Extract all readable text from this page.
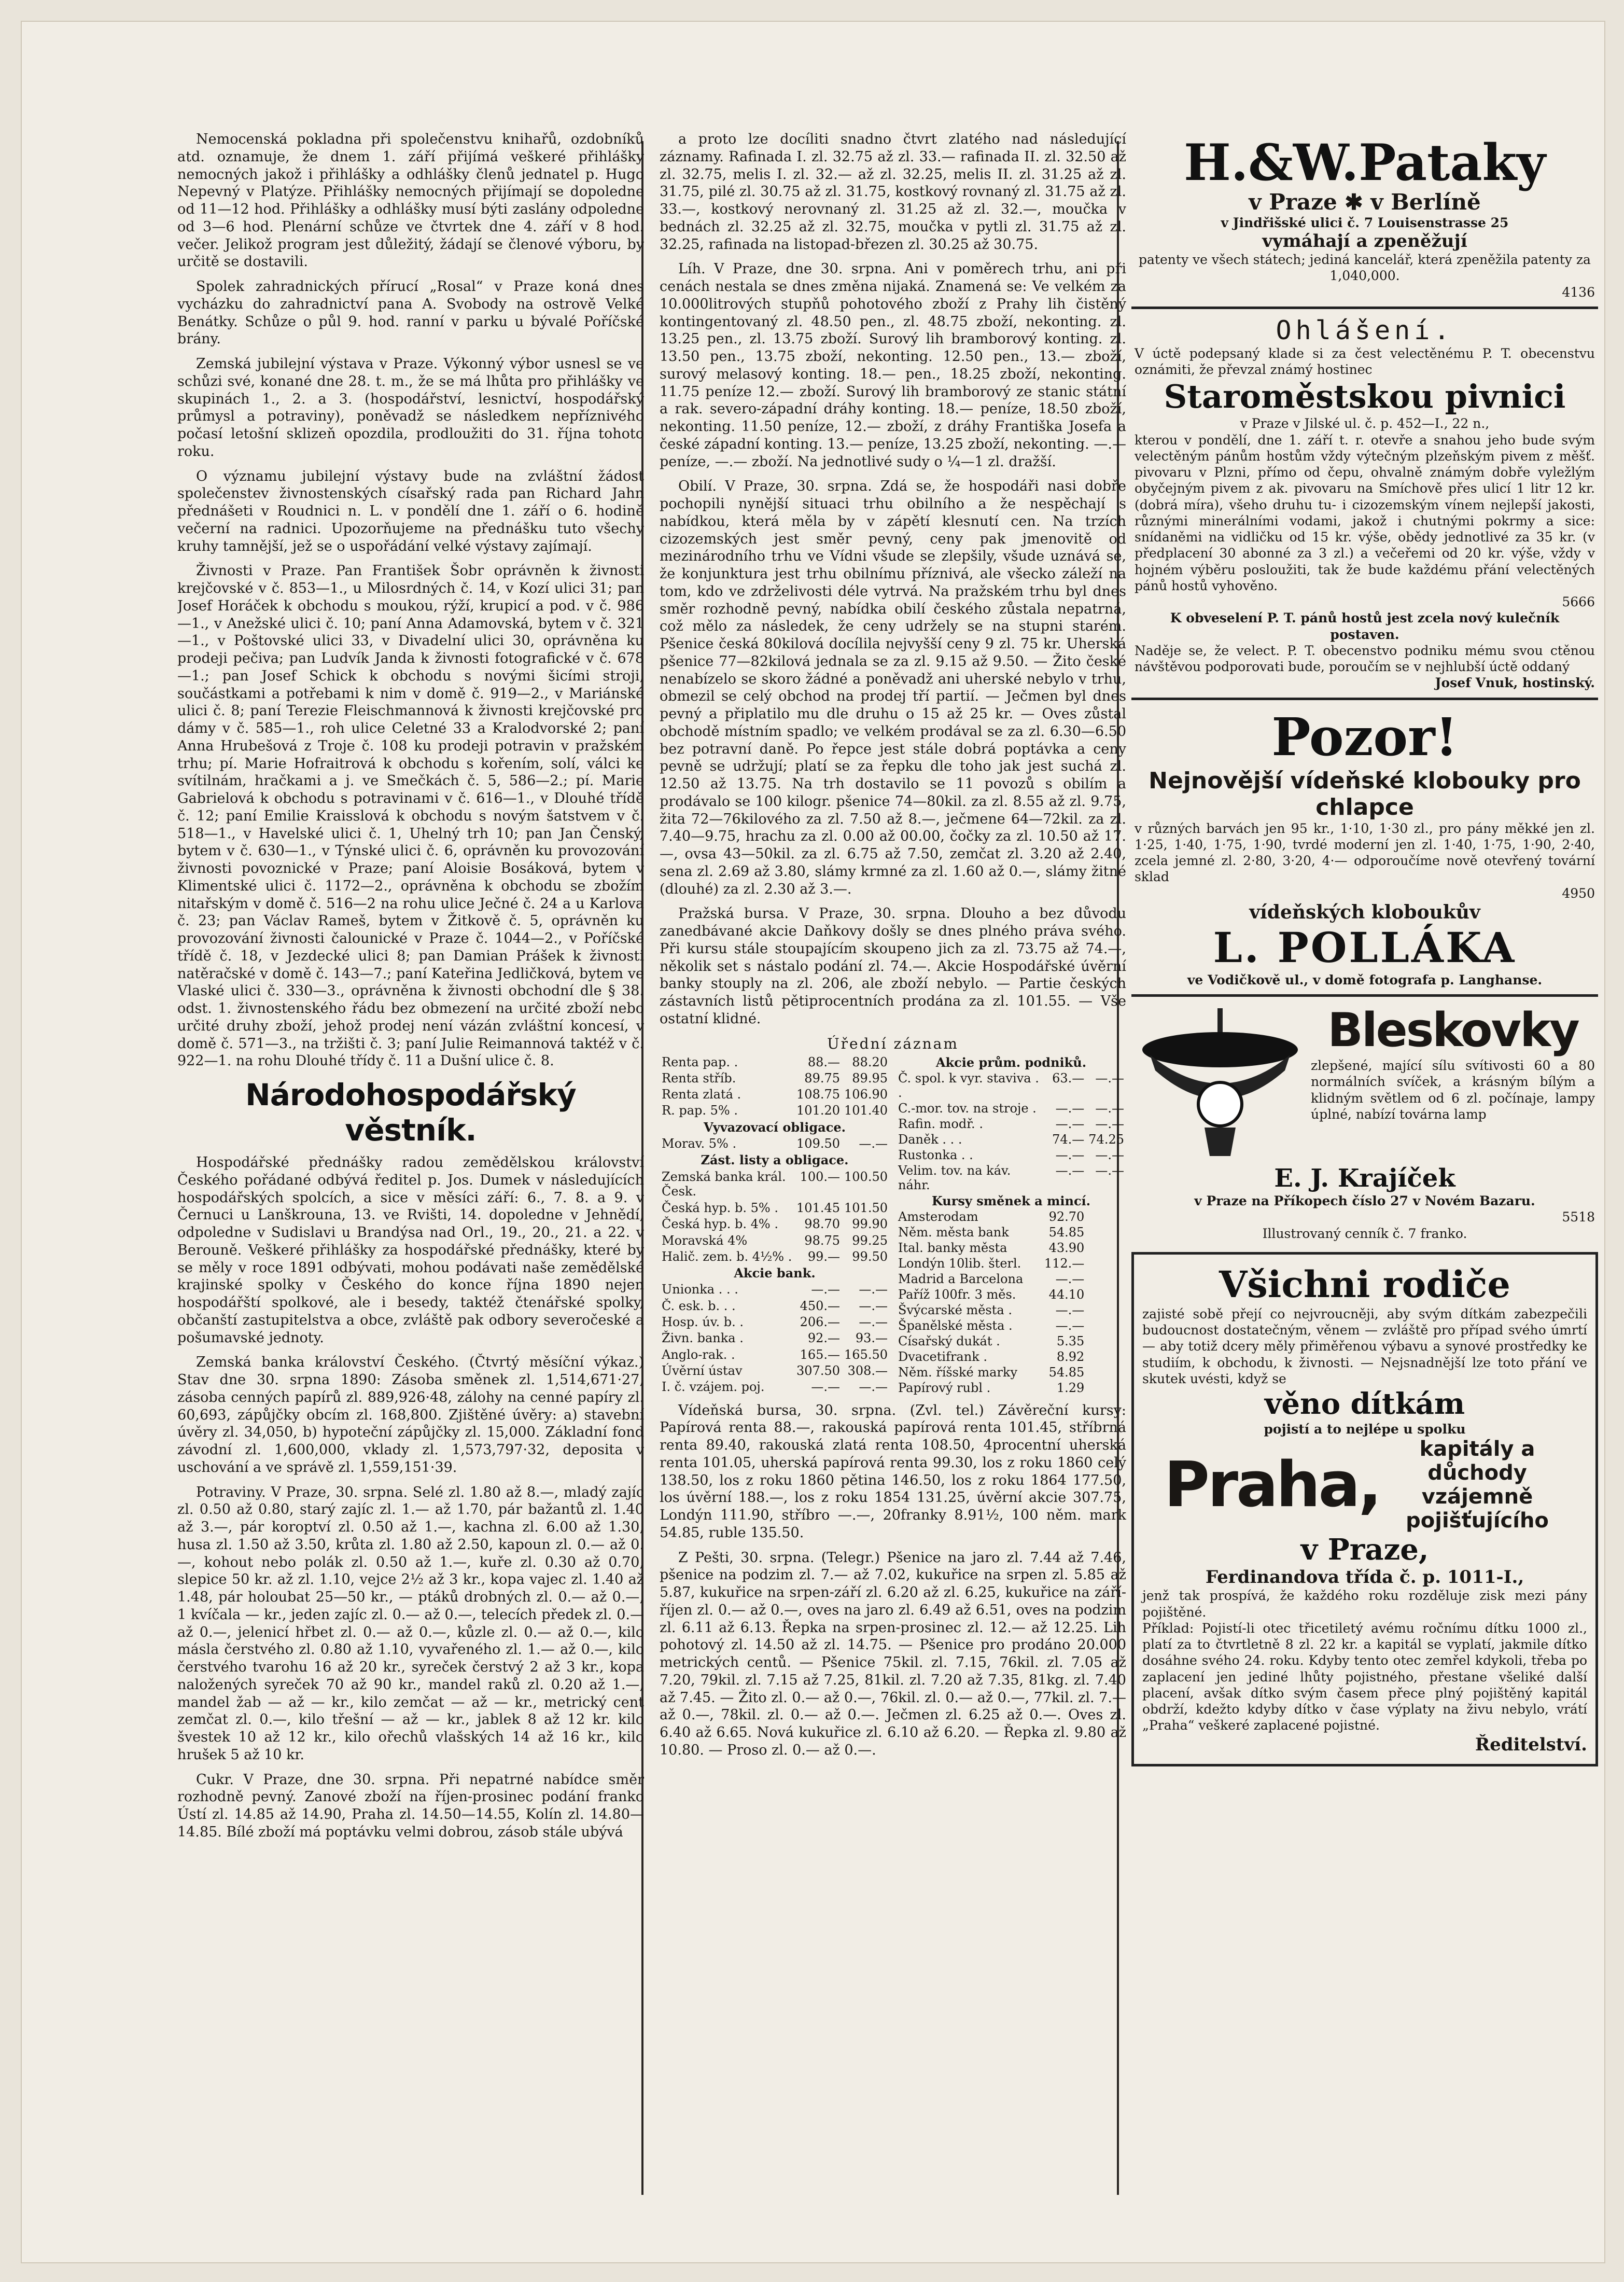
Nemocenská pokladna při společenstvu knihařů, ozdobníků atd. oznamuje, že dnem 1. září přijímá veškeré přihlášky nemocných jakož i přihlášky a odhlášky členů jednatel p. Hugo Nepevný v Platýze. Přihlášky nemocných přijímají se dopoledne od 11—12 hod. Přihlášky a odhlášky musí býti zaslány odpoledne od 3—6 hod. Plenární schůze ve čtvrtek dne 4. září v 8 hod. večer. Jelikož program jest důležitý, žádají se členové výboru, by určitě se dostavili.

Spolek zahradnických přírucí „Rosal“ v Praze koná dnes vycházku do zahradnictví pana A. Svobody na ostrově Velké Benátky. Schůze o půl 9. hod. ranní v parku u bývalé Poříčské brány.

Zemská jubilejní výstava v Praze. Výkonný výbor usnesl se ve schůzi své, konané dne 28. t. m., že se má lhůta pro přihlášky ve skupinách 1., 2. a 3. (hospodářství, lesnictví, hospodářský průmysl a potraviny), poněvadž se následkem nepříznivého počasí letošní sklizeň opozdila, prodloužiti do 31. října tohoto roku.

O významu jubilejní výstavy bude na zvláštní žádost společenstev živnostenských císařský rada pan Richard Jahn přednášeti v Roudnici n. L. v pondělí dne 1. září o 6. hodině večerní na radnici. Upozorňujeme na přednášku tuto všechy kruhy tamnější, jež se o uspořádání velké výstavy zajímají.

Živnosti v Praze. Pan František Šobr oprávněn k živnosti krejčovské v č. 853—1., u Milosrdných č. 14, v Kozí ulici 31; pan Josef Horáček k obchodu s moukou, rýží, krupicí a pod. v č. 986—1., v Anežské ulici č. 10; paní Anna Adamovská, bytem v č. 321—1., v Poštovské ulici 33, v Divadelní ulici 30, oprávněna ku prodeji pečiva; pan Ludvík Janda k živnosti fotografické v č. 678—1.; pan Josef Schick k obchodu s novými šicími stroji, součástkami a potřebami k nim v domě č. 919—2., v Mariánské ulici č. 8; paní Terezie Fleischmannová k živnosti krejčovské pro dámy v č. 585—1., roh ulice Celetné 33 a Kralodvorské 2; paní Anna Hrubešová z Troje č. 108 ku prodeji potravin v pražském trhu; pí. Marie Hofraitrová k obchodu s kořením, solí, válci ke svítilnám, hračkami a j. ve Smečkách č. 5, 586—2.; pí. Marie Gabrielová k obchodu s potravinami v č. 616—1., v Dlouhé třídě č. 12; paní Emilie Kraisslová k obchodu s novým šatstvem v č. 518—1., v Havelské ulici č. 1, Uhelný trh 10; pan Jan Čenský, bytem v č. 630—1., v Týnské ulici č. 6, oprávněn ku provozování živnosti povoznické v Praze; paní Aloisie Bosáková, bytem v Klimentské ulici č. 1172—2., oprávněna k obchodu se zbožím nitařským v domě č. 516—2 na rohu ulice Ječné č. 24 a u Karlova č. 23; pan Václav Rameš, bytem v Žitkově č. 5, oprávněn ku provozování živnosti čalounické v Praze č. 1044—2., v Poříčské třídě č. 18, v Jezdecké ulici 8; pan Damian Prášek k živnosti natěračské v domě č. 143—7.; paní Kateřina Jedličková, bytem ve Vlaské ulici č. 330—3., oprávněna k živnosti obchodní dle § 38. odst. 1. živnostenského řádu bez obmezení na určité zboží nebo určité druhy zboží, jehož prodej není vázán zvláštní koncesí, v domě č. 571—3., na tržišti č. 3; paní Julie Reimannová taktéž v č. 922—1. na rohu Dlouhé třídy č. 11 a Dušní ulice č. 8.

Národohospodářský věstník.

Hospodářské přednášky radou zemědělskou království Českého pořádané odbývá ředitel p. Jos. Dumek v následujících hospodářských spolcích, a sice v měsíci září: 6., 7. 8. a 9. v Černuci u Lanškrouna, 13. ve Rvišti, 14. dopoledne v Jehnědí, odpoledne v Sudislavi u Brandýsa nad Orl., 19., 20., 21. a 22. v Berouně. Veškeré přihlášky za hospodářské přednášky, které by se měly v roce 1891 odbývati, mohou podávati naše zemědělské krajinské spolky v Českého do konce října 1890 nejen hospodářští spolkové, ale i besedy, taktéž čtenářské spolky, občanští zastupitelstva a obce, zvláště pak odbory severočeské a pošumavské jednoty.

Zemská banka království Českého. (Čtvrtý měsíční výkaz.) Stav dne 30. srpna 1890: Zásoba směnek zl. 1,514,671·27, zásoba cenných papírů zl. 889,926·48, zálohy na cenné papíry zl. 60,693, zápůjčky obcím zl. 168,800. Zjištěné úvěry: a) stavební úvěry zl. 34,050, b) hypoteční zápůjčky zl. 15,000. Základní fond závodní zl. 1,600,000, vklady zl. 1,573,797·32, deposita v uschování a ve správě zl. 1,559,151·39.

Potraviny. V Praze, 30. srpna. Selé zl. 1.80 až 8.—, mladý zajíc zl. 0.50 až 0.80, starý zajíc zl. 1.— až 1.70, pár bažantů zl. 1.40 až 3.—, pár koroptví zl. 0.50 až 1.—, kachna zl. 6.00 až 1.30, husa zl. 1.50 až 3.50, krůta zl. 1.80 až 2.50, kapoun zl. 0.— až 0.—, kohout nebo polák zl. 0.50 až 1.—, kuře zl. 0.30 až 0.70, slepice 50 kr. až zl. 1.10, vejce 2½ až 3 kr., kopa vajec zl. 1.40 až 1.48, pár holoubat 25—50 kr., — ptáků drobných zl. 0.— až 0.—, 1 kvíčala — kr., jeden zajíc zl. 0.— až 0.—, telecích předek zl. 0.— až 0.—, jelenicí hřbet zl. 0.— až 0.—, kůzle zl. 0.— až 0.—, kilo másla čerstvého zl. 0.80 až 1.10, vyvařeného zl. 1.— až 0.—, kilo čerstvého tvarohu 16 až 20 kr., syreček čerstvý 2 až 3 kr., kopa naložených syreček 70 až 90 kr., mandel raků zl. 0.20 až 1.—, mandel žab — až — kr., kilo zemčat — až — kr., metrický cent zemčat zl. 0.—, kilo třešní — až — kr., jablek 8 až 12 kr. kilo švestek 10 až 12 kr., kilo ořechů vlašských 14 až 16 kr., kilo hrušek 5 až 10 kr.

Cukr. V Praze, dne 30. srpna. Při nepatrné nabídce směr rozhodně pevný. Zanové zboží na říjen-prosinec podání franko Ústí zl. 14.85 až 14.90, Praha zl. 14.50—14.55, Kolín zl. 14.80—14.85. Bílé zboží má poptávku velmi dobrou, zásob stále ubývá

a proto lze docíliti snadno čtvrt zlatého nad následující záznamy. Rafinada I. zl. 32.75 až zl. 33.— rafinada II. zl. 32.50 až zl. 32.75, melis I. zl. 32.— až zl. 32.25, melis II. zl. 31.25 až zl. 31.75, pilé zl. 30.75 až zl. 31.75, kostkový rovnaný zl. 31.75 až zl. 33.—, kostkový nerovnaný zl. 31.25 až zl. 32.—, moučka v bednách zl. 32.25 až zl. 32.75, moučka v pytli zl. 31.75 až zl. 32.25, rafinada na listopad-březen zl. 30.25 až 30.75.

Líh. V Praze, dne 30. srpna. Ani v poměrech trhu, ani při cenách nestala se dnes změna nijaká. Znamená se: Ve velkém za 10.000litrových stupňů pohotového zboží z Prahy lih čistěný kontingentovaný zl. 48.50 pen., zl. 48.75 zboží, nekonting. zl. 13.25 pen., zl. 13.75 zboží. Surový lih bramborový konting. zl. 13.50 pen., 13.75 zboží, nekonting. 12.50 pen., 13.— zboží, surový melasový konting. 18.— pen., 18.25 zboží, nekonting. 11.75 peníze 12.— zboží. Surový lih bramborový ze stanic státní a rak. severo-západní dráhy konting. 18.— peníze, 18.50 zboží, nekonting. 11.50 peníze, 12.— zboží, z dráhy Františka Josefa a české západní konting. 13.— peníze, 13.25 zboží, nekonting. —.— peníze, —.— zboží. Na jednotlivé sudy o ¼—1 zl. dražší.

Obilí. V Praze, 30. srpna. Zdá se, že hospodáři nasi dobře pochopili nynější situaci trhu obilního a že nespěchají s nabídkou, která měla by v zápětí klesnutí cen. Na trzích cizozemských jest směr pevný, ceny pak jmenovitě od mezinárodního trhu ve Vídni všude se zlepšily, všude uznává se, že konjunktura jest trhu obilnímu příznivá, ale všecko záleží na tom, kdo ve zdrželivosti déle vytrvá. Na pražském trhu byl dnes směr rozhodně pevný, nabídka obilí českého zůstala nepatrná, což mělo za následek, že ceny udržely se na stupni starém. Pšenice česká 80kilová docílila nejvyšší ceny 9 zl. 75 kr. Uherská pšenice 77—82kilová jednala se za zl. 9.15 až 9.50. — Žito české nenabízelo se skoro žádné a poněvadž ani uherské nebylo v trhu, obmezil se celý obchod na prodej tří partií. — Ječmen byl dnes pevný a připlatilo mu dle druhu o 15 až 25 kr. — Oves zůstal obchodě místním spadlo; ve velkém prodával se za zl. 6.30—6.50 bez potravní daně. Po řepce jest stále dobrá poptávka a ceny pevně se udržují; platí se za řepku dle toho jak jest suchá zl. 12.50 až 13.75. Na trh dostavilo se 11 povozů s obilím a prodávalo se 100 kilogr. pšenice 74—80kil. za zl. 8.55 až zl. 9.75, žita 72—76kilového za zl. 7.50 až 8.—, ječmene 64—72kil. za zl. 7.40—9.75, hrachu za zl. 0.00 až 00.00, čočky za zl. 10.50 až 17.—, ovsa 43—50kil. za zl. 6.75 až 7.50, zemčat zl. 3.20 až 2.40, sena zl. 2.69 až 3.80, slámy krmné za zl. 1.60 až 0.—, slámy žitné (dlouhé) za zl. 2.30 až 3.—.

Pražská bursa. V Praze, 30. srpna. Dlouho a bez důvodu zanedbávané akcie Daňkovy došly se dnes plného práva svého. Při kursu stále stoupajícím skoupeno jich za zl. 73.75 až 74.—, několik set s nástalo podání zl. 74.—. Akcie Hospodářské úvěrní banky stouply na zl. 206, ale zboží nebylo. — Partie českých zástavních listů pětiprocentních prodána za zl. 101.55. — Vše ostatní klidné.

Úřední záznam
Renta pap. .	88.—	88.20
Renta stříb.	89.75	89.95
Renta zlatá .	108.75	106.90
R. pap. 5% .	101.20	101.40
Vyvazovací obligace.		
Morav. 5% .	109.50	—.—
Zást. listy a obligace.		
Zemská banka král. Česk.	100.—	100.50
Česká hyp. b. 5% .	101.45	101.50
Česká hyp. b. 4% .	98.70	99.90
Moravská 4%	98.75	99.25
Halič. zem. b. 4½% .	99.—	99.50
Akcie bank.		
Unionka . . .	—.—	—.—
Č. esk. b. . .	450.—	—.—
Hosp. úv. b. .	206.—	—.—
Živn. banka .	92.—	93.—
Anglo-rak. .	165.—	165.50
Úvěrní ústav	307.50	308.—
I. č. vzájem. poj.	—.—	—.—
Akcie prům. podniků.		
Č. spol. k vyr. staviva . .	63.—	—.—
C.-mor. tov. na stroje .	—.—	—.—
Rafin. modř. .	—.—	—.—
Daněk . . .	74.—	74.25
Rustonka . .	—.—	—.—
Velim. tov. na káv. náhr.	—.—	—.—
Kursy směnek a mincí.		
Amsterodam	92.70	
Něm. města bank	54.85	
Ital. banky města	43.90	
Londýn 10lib. šterl.	112.—	
Madrid a Barcelona	—.—	
Paříž 100fr. 3 měs.	44.10	
Švýcarské města .	—.—	
Španělské města .	—.—	
Císařský dukát .	5.35	
Dvacetifrank .	8.92	
Něm. říšské marky	54.85	
Papírový rubl .	1.29	

Vídeňská bursa, 30. srpna. (Zvl. tel.) Závěreční kursy: Papírová renta 88.—, rakouská papírová renta 101.45, stříbrná renta 89.40, rakouská zlatá renta 108.50, 4procentní uherská renta 101.05, uherská papírová renta 99.30, los z roku 1860 celý 138.50, los z roku 1860 pětina 146.50, los z roku 1864 177.50, los úvěrní 188.—, los z roku 1854 131.25, úvěrní akcie 307.75, Londýn 111.90, stříbro —.—, 20franky 8.91½, 100 něm. mark 54.85, ruble 135.50.

Z Pešti, 30. srpna. (Telegr.) Pšenice na jaro zl. 7.44 až 7.46, pšenice na podzim zl. 7.— až 7.02, kukuřice na srpen zl. 5.85 až 5.87, kukuřice na srpen-září zl. 6.20 až zl. 6.25, kukuřice na září-říjen zl. 0.— až 0.—, oves na jaro zl. 6.49 až 6.51, oves na podzim zl. 6.11 až 6.13. Řepka na srpen-prosinec zl. 12.— až 12.25. Lih pohotový zl. 14.50 až zl. 14.75. — Pšenice pro prodáno 20.000 metrických centů. — Pšenice 75kil. zl. 7.15, 76kil. zl. 7.05 až 7.20, 79kil. zl. 7.15 až 7.25, 81kil. zl. 7.20 až 7.35, 81kg. zl. 7.40 až 7.45. — Žito zl. 0.— až 0.—, 76kil. zl. 0.— až 0.—, 77kil. zl. 7.— až 0.—, 78kil. zl. 0.— až 0.—. Ječmen zl. 6.25 až 0.—. Oves zl. 6.40 až 6.65. Nová kukuřice zl. 6.10 až 6.20. — Řepka zl. 9.80 až 10.80. — Proso zl. 0.— až 0.—.

H.&W.Pataky
v Praze ✱ v Berlíně
v Jindřišské ulici č. 7 Louisenstrasse 25
vymáhají a zpeněžují
patenty ve všech státech; jediná kancelář, která zpeněžila patenty za 1,040,000.
4136
Ohlášení.
V úctě podepsaný klade si za čest velectěnému P. T. obecenstvu oznámiti, že převzal známý hostinec
Staroměstskou pivnici
v Praze v Jilské ul. č. p. 452—I., 22 n.,
kterou v pondělí, dne 1. září t. r. otevře a snahou jeho bude svým velectěným pánům hostům vždy výtečným plzeňským pivem z měšť. pivovaru v Plzni, přímo od čepu, ohvalně známým dobře vyležlým obyčejným pivem z ak. pivovaru na Smíchově přes ulicí 1 litr 12 kr. (dobrá míra), všeho druhu tu- i cizozemským vínem nejlepší jakosti, různými minerálními vodami, jakož i chutnými pokrmy a sice: snídaněmi na vidličku od 15 kr. výše, obědy jednotlivé za 35 kr. (v předplacení 30 abonné za 3 zl.) a večeřemi od 20 kr. výše, vždy v hojném výběru posloužiti, tak že bude každému přání velectěných pánů hostů vyhověno.
5666
K obveselení P. T. pánů hostů jest zcela nový kulečník postaven.
Naděje se, že velect. P. T. obecenstvo podniku mému svou ctěnou návštěvou podporovati bude, poroučím se v nejhlubší úctě oddaný
Josef Vnuk, hostinský.
Pozor!
Nejnovější vídeňské klobouky pro chlapce
v různých barvách jen 95 kr., 1·10, 1·30 zl., pro pány měkké jen zl. 1·25, 1·40, 1·75, 1·90, tvrdé moderní jen zl. 1·40, 1·75, 1·90, 2·40, zcela jemné zl. 2·80, 3·20, 4·— odporoučíme nově otevřený tovární sklad
4950
vídeňských kloboukův
L. POLLÁKA
ve Vodičkově ul., v domě fotografa p. Langhanse.
Bleskovky
zlepšené, mající sílu svítivosti 60 a 80 normálních svíček, a krásným bílým a klidným světlem od 6 zl. počínaje, lampy úplné, nabízí továrna lamp
E. J. Krajíček
v Praze na Příkopech číslo 27 v Novém Bazaru.
5518
Illustrovaný cenník č. 7 franko.
Všichni rodiče
zajisté sobě přejí co nejvroucněji, aby svým dítkám zabezpečili budoucnost dostatečným, věnem — zvláště pro případ svého úmrtí — aby totiž dcery měly přiměřenou výbavu a synové prostředky ke studiím, k obchodu, k živnosti. — Nejsnadnější lze toto přání ve skutek uvésti, když se
věno dítkám
pojistí a to nejlépe u spolku
Praha,	kapitály a důchody vzájemně pojišťujícího
v Praze,
Ferdinandova třída č. p. 1011-I.,
jenž tak prospívá, že každého roku rozděluje zisk mezi pány pojištěné.
Příklad: Pojistí-li otec třicetiletý avému ročnímu dítku 1000 zl., platí za to čtvrtletně 8 zl. 22 kr. a kapitál se vyplatí, jakmile dítko dosáhne svého 24. roku. Kdyby tento otec zemřel kdykoli, třeba po zaplacení jen jediné lhůty pojistného, přestane všeliké další placení, avšak dítko svým časem přece plný pojištěný kapitál obdrží, kdežto kdyby dítko v čase výplaty na živu nebylo, vrátí „Praha“ veškeré zaplacené pojistné.
Ředitelství.
